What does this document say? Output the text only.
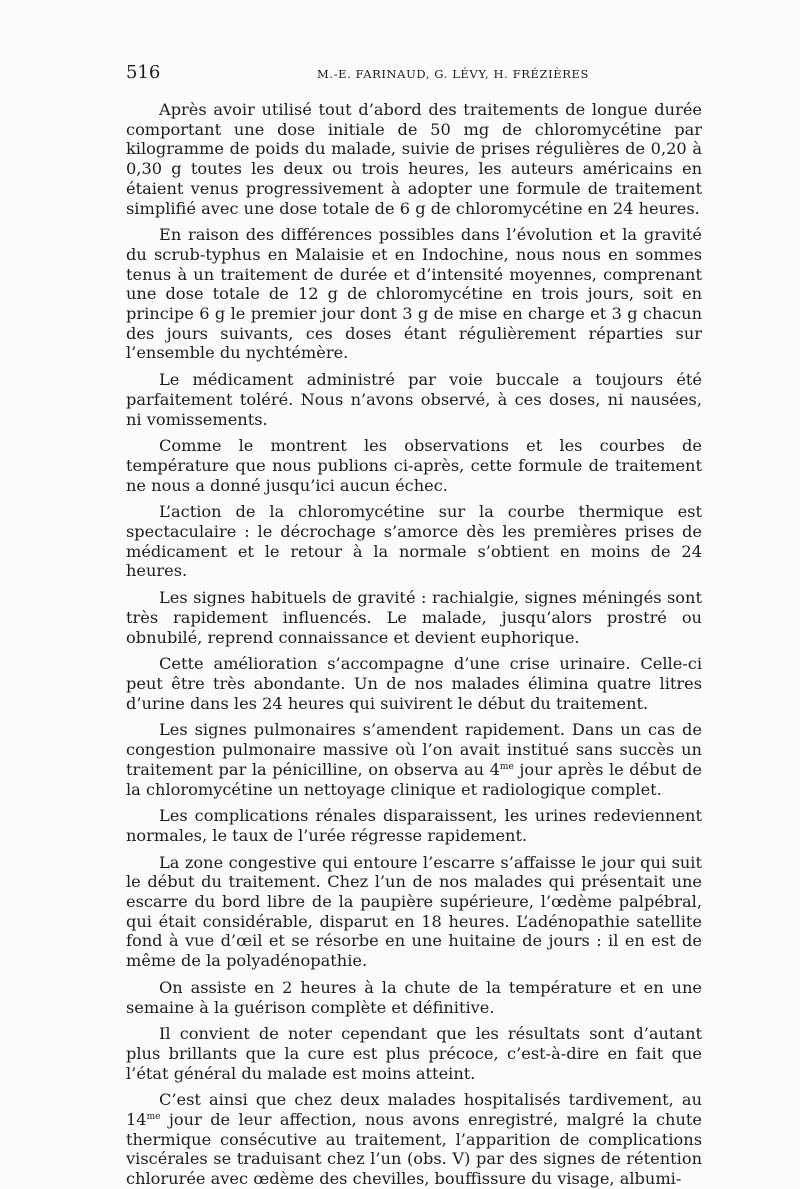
516	M.-E. FARINAUD, G. LÉVY, H. FRÉZIÈRES

Après avoir utilisé tout d’abord des traitements de longue durée comportant une dose initiale de 50 mg de chloromycétine par kilogramme de poids du malade, suivie de prises régulières de 0,20 à 0,30 g toutes les deux ou trois heures, les auteurs américains en étaient venus progressivement à adopter une formule de traitement simplifié avec une dose totale de 6 g de chloromycétine en 24 heures.

En raison des différences possibles dans l’évolution et la gravité du scrub-typhus en Malaisie et en Indochine, nous nous en sommes tenus à un traitement de durée et d’intensité moyennes, comprenant une dose totale de 12 g de chloromycétine en trois jours, soit en principe 6 g le premier jour dont 3 g de mise en charge et 3 g chacun des jours suivants, ces doses étant régulièrement réparties sur l’ensemble du nychtémère.

Le médicament administré par voie buccale a toujours été parfaitement toléré. Nous n’avons observé, à ces doses, ni nausées, ni vomissements.

Comme le montrent les observations et les courbes de température que nous publions ci-après, cette formule de traitement ne nous a donné jusqu’ici aucun échec.

L’action de la chloromycétine sur la courbe thermique est spectaculaire : le décrochage s’amorce dès les premières prises de médicament et le retour à la normale s’obtient en moins de 24 heures.

Les signes habituels de gravité : rachialgie, signes méningés sont très rapidement influencés. Le malade, jusqu’alors prostré ou obnubilé, reprend connaissance et devient euphorique.

Cette amélioration s’accompagne d’une crise urinaire. Celle-ci peut être très abondante. Un de nos malades élimina quatre litres d’urine dans les 24 heures qui suivirent le début du traitement.

Les signes pulmonaires s’amendent rapidement. Dans un cas de congestion pulmonaire massive où l’on avait institué sans succès un traitement par la pénicilline, on observa au $4^{me}$ jour après le début de la chloromycétine un nettoyage clinique et radiologique complet.

Les complications rénales disparaissent, les urines redeviennent normales, le taux de l’urée régresse rapidement.

La zone congestive qui entoure l’escarre s’affaisse le jour qui suit le début du traitement. Chez l’un de nos malades qui présentait une escarre du bord libre de la paupière supérieure, l’œdème palpébral, qui était considérable, disparut en 18 heures. L’adénopathie satellite fond à vue d’œil et se résorbe en une huitaine de jours : il en est de même de la polyadénopathie.

On assiste en 2 heures à la chute de la température et en une semaine à la guérison complète et définitive.

Il convient de noter cependant que les résultats sont d’autant plus brillants que la cure est plus précoce, c’est-à-dire en fait que l’état général du malade est moins atteint.

C’est ainsi que chez deux malades hospitalisés tardivement, au $14^{me}$ jour de leur affection, nous avons enregistré, malgré la chute thermique consécutive au traitement, l’apparition de complications viscérales se traduisant chez l’un (obs. V) par des signes de rétention chlorurée avec œdème des chevilles, bouffissure du visage, albumi-
